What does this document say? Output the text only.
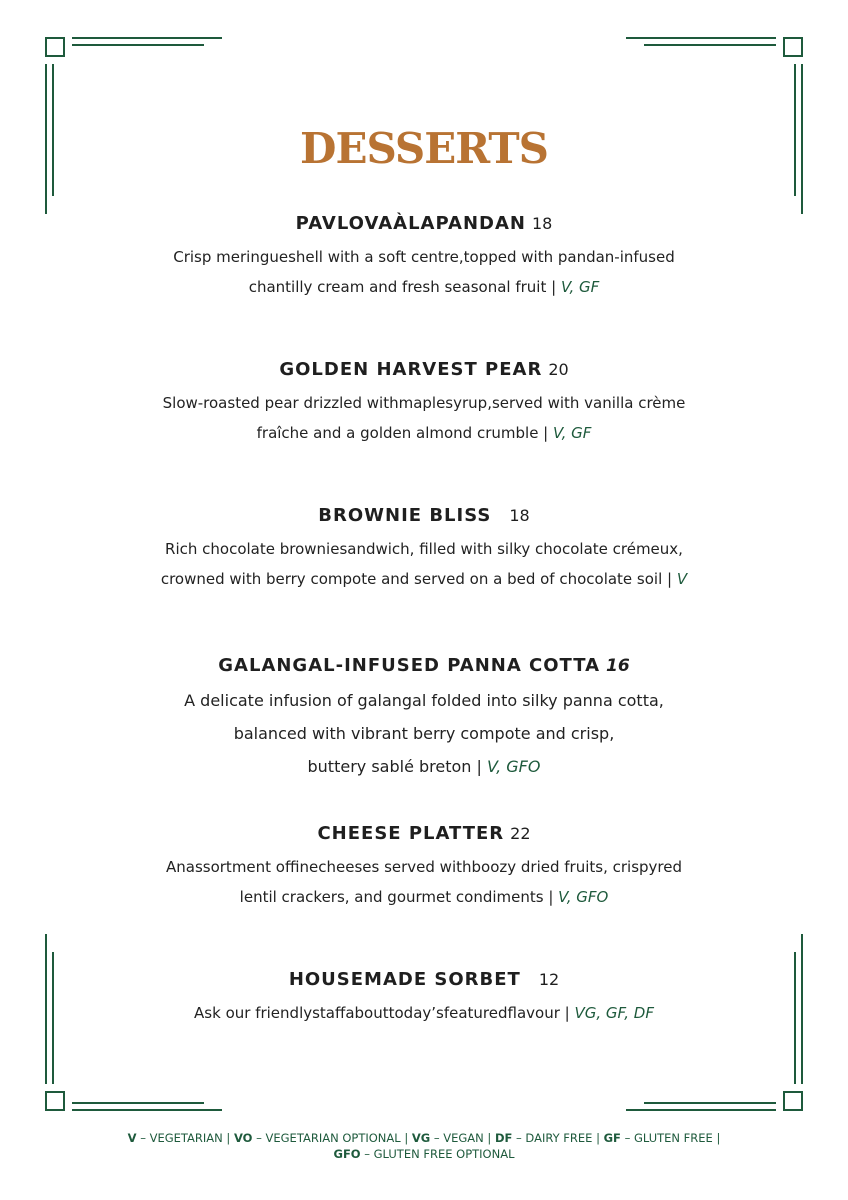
DESSERTS
PAVLOVAÀLAPANDAN 18
Crisp meringueshell with a soft centre,topped with pandan-infused
chantilly cream and fresh seasonal fruit | V, GF
GOLDEN HARVEST PEAR 20
Slow-roasted pear drizzled withmaplesyrup,served with vanilla crème
fraîche and a golden almond crumble | V, GF
BROWNIE BLISS 18
Rich chocolate browniesandwich, filled with silky chocolate crémeux,
crowned with berry compote and served on a bed of chocolate soil | V
GALANGAL-INFUSED PANNA COTTA 16
A delicate infusion of galangal folded into silky panna cotta,
balanced with vibrant berry compote and crisp,
buttery sablé breton | V, GFO
CHEESE PLATTER 22
Anassortment offinecheeses served withboozy dried fruits, crispyred
lentil crackers, and gourmet condiments | V, GFO
HOUSEMADE SORBET 12
Ask our friendlystaffabouttoday’sfeaturedflavour | VG, GF, DF
V – VEGETARIAN | VO – VEGETARIAN OPTIONAL | VG – VEGAN | DF – DAIRY FREE | GF – GLUTEN FREE |
GFO – GLUTEN FREE OPTIONAL
